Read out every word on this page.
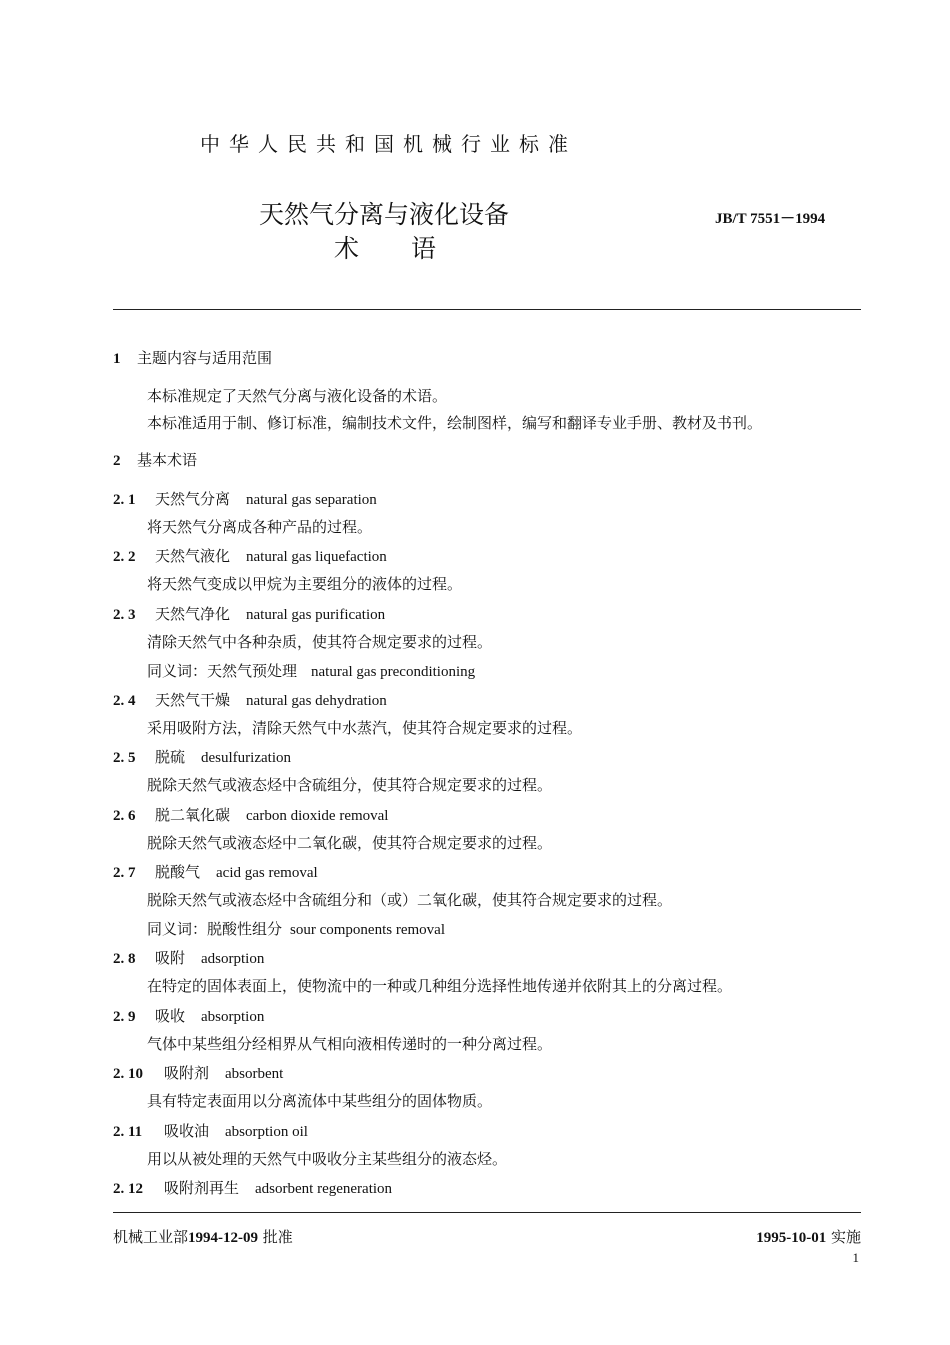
中华人民共和国机械行业标准
天然气分离与液化设备
术 语
JB/T 7551－1994
1 主题内容与适用范围
本标准规定了天然气分离与液化设备的术语。
本标准适用于制、修订标准，编制技术文件，绘制图样，编写和翻译专业手册、教材及书刊。
2 基本术语
2. 1 天然气分离 natural gas separation
将天然气分离成各种产品的过程。
2. 2 天然气液化 natural gas liquefaction
将天然气变成以甲烷为主要组分的液体的过程。
2. 3 天然气净化 natural gas purification
清除天然气中各种杂质，使其符合规定要求的过程。
同义词：天然气预处理 natural gas preconditioning
2. 4 天然气干燥 natural gas dehydration
采用吸附方法，清除天然气中水蒸汽，使其符合规定要求的过程。
2. 5 脱硫 desulfurization
脱除天然气或液态烃中含硫组分，使其符合规定要求的过程。
2. 6 脱二氧化碳 carbon dioxide removal
脱除天然气或液态烃中二氧化碳，使其符合规定要求的过程。
2. 7 脱酸气 acid gas removal
脱除天然气或液态烃中含硫组分和（或）二氧化碳，使其符合规定要求的过程。
同义词：脱酸性组分 sour components removal
2. 8 吸附 adsorption
在特定的固体表面上，使物流中的一种或几种组分选择性地传递并依附其上的分离过程。
2. 9 吸收 absorption
气体中某些组分经相界从气相向液相传递时的一种分离过程。
2. 10 吸附剂 absorbent
具有特定表面用以分离流体中某些组分的固体物质。
2. 11 吸收油 absorption oil
用以从被处理的天然气中吸收分主某些组分的液态烃。
2. 12 吸附剂再生 adsorbent regeneration
机械工业部1994-12-09 批准	1995-10-01 实施
1
